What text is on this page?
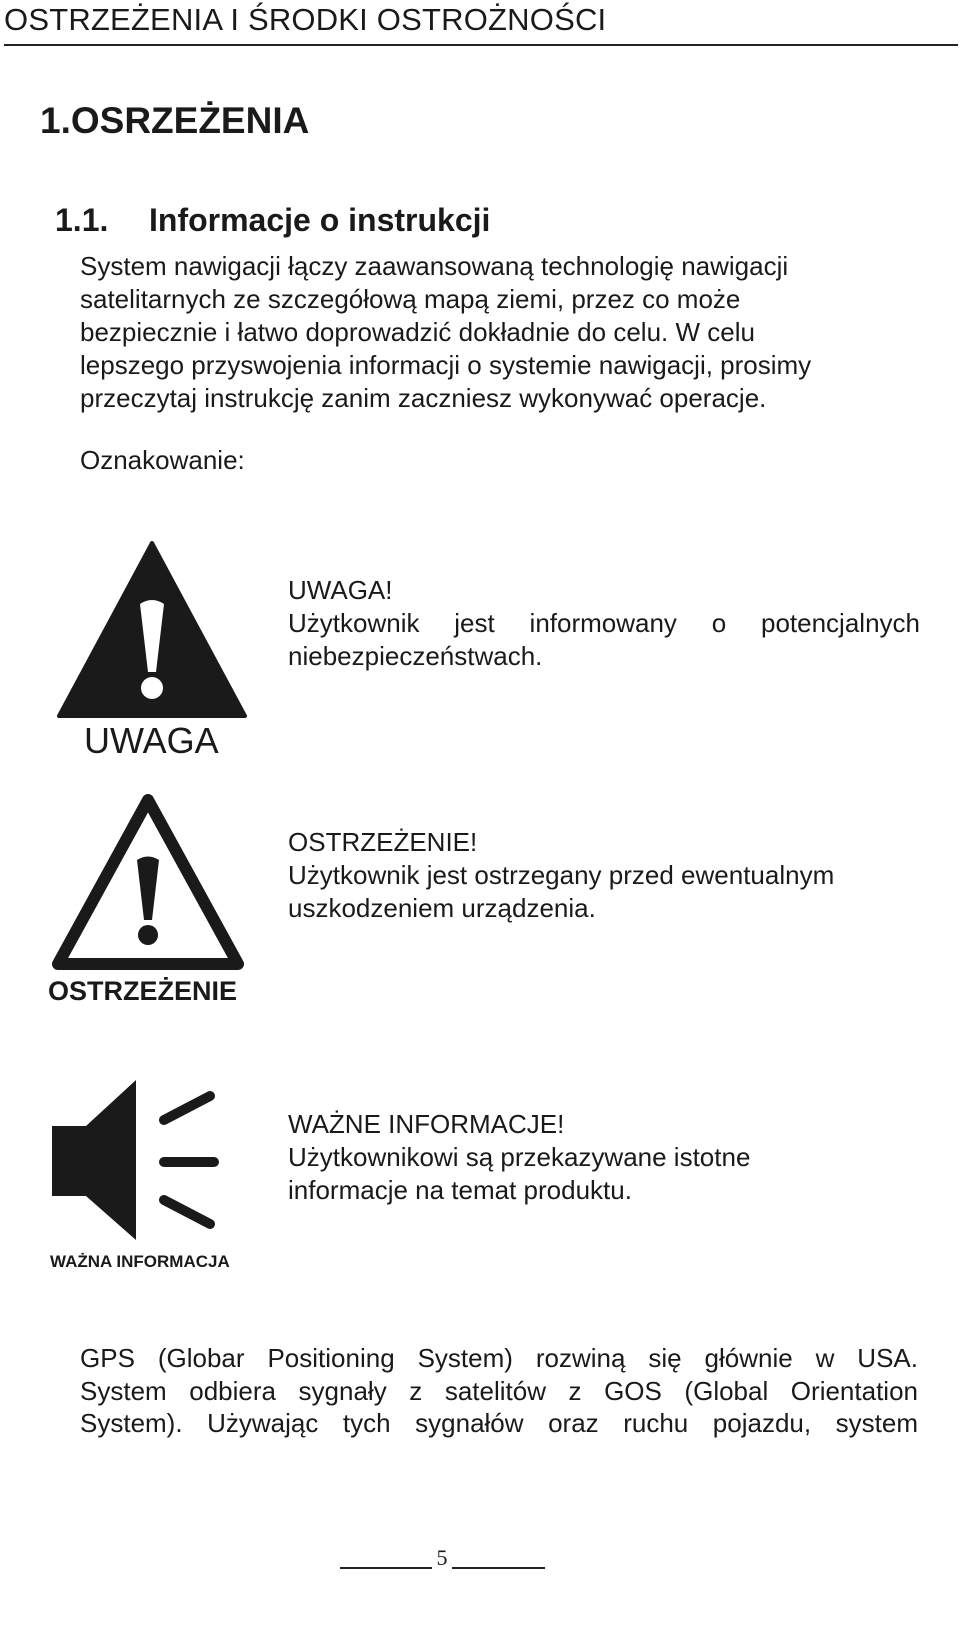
OSTRZEŻENIA I ŚRODKI OSTROŻNOŚCI
1.OSRZEŻENIA
1.1. Informacje o instrukcji
System nawigacji łączy zaawansowaną technologię nawigacji
satelitarnych ze szczegółową mapą ziemi, przez co może
bezpiecznie i łatwo doprowadzić dokładnie do celu. W celu
lepszego przyswojenia informacji o systemie nawigacji, prosimy
przeczytaj instrukcję zanim zaczniesz wykonywać operacje.
Oznakowanie:
UWAGA
UWAGA!
Użytkownik jest informowany o potencjalnych
niebezpieczeństwach.
OSTRZEŻENIE
OSTRZEŻENIE!
Użytkownik jest ostrzegany przed ewentualnym
uszkodzeniem urządzenia.
WAŻNA INFORMACJA
WAŻNE INFORMACJE!
Użytkownikowi są przekazywane istotne
informacje na temat produktu.
GPS (Globar Positioning System) rozwiną się głównie w USA.
System odbiera sygnały z satelitów z GOS (Global Orientation
System). Używając tych sygnałów oraz ruchu pojazdu, system
5
